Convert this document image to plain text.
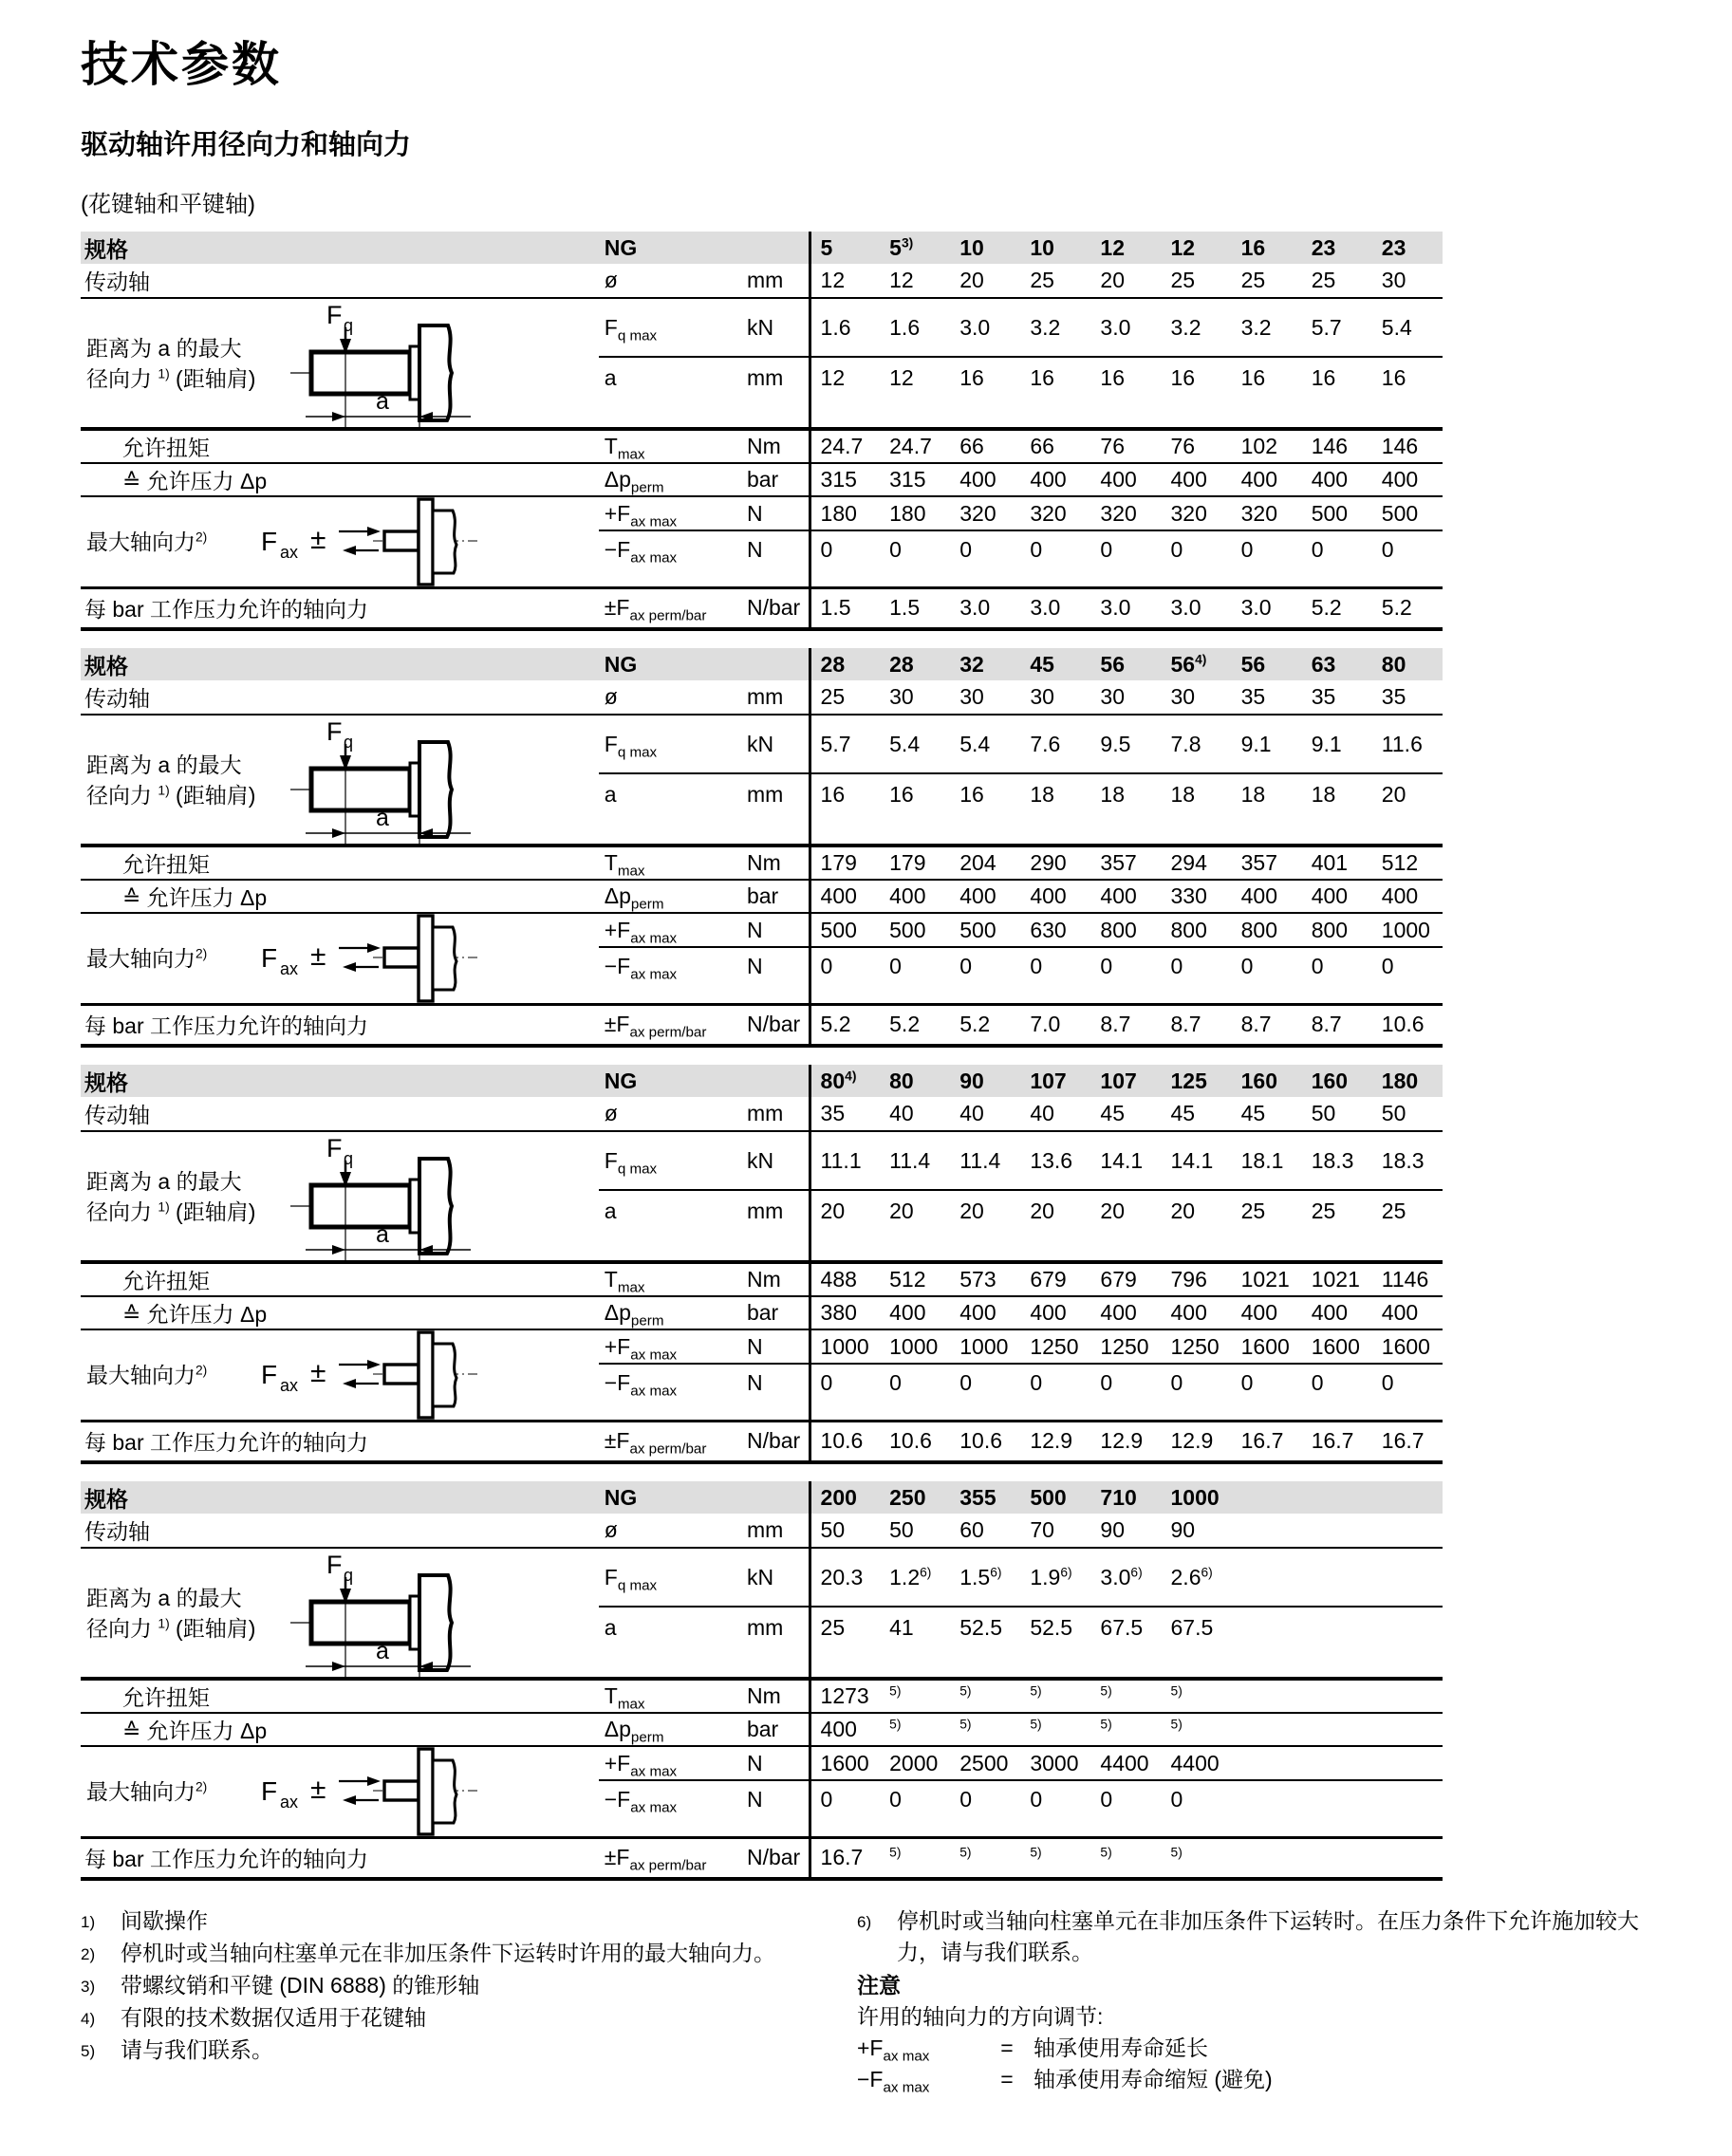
技术参数
驱动轴许用径向力和轴向力
(花键轴和平键轴)
规格	NG		5	5$^{3)}$	10	10	12	12	16	23	23
传动轴	ø	mm	12	12	20	25	20	25	25	25	30

距离为 a 的最大
径向力 $^{1)}$ (距轴肩)
F q
a	$F_{q max}$	kN	1.6	1.6	3.0	3.2	3.0	3.2	3.2	5.7	5.4
	a	mm	12	12	16	16	16	16	16	16	16
允许扭矩	$T_{max}$	Nm	24.7	24.7	66	66	76	76	102	146	146
≙ 允许压力 Δp	$\Delta p_{perm}$	bar	315	315	400	400	400	400	400	400	400

最大轴向力$^{2)}$ F ax ±	$+F_{ax max}$	N	180	180	320	320	320	320	320	500	500
	$-F_{ax max}$	N	0	0	0	0	0	0	0	0	0
每 bar 工作压力允许的轴向力	$\pm F_{ax perm/bar}$	N/bar	1.5	1.5	3.0	3.0	3.0	3.0	3.0	5.2	5.2
规格	NG		28	28	32	45	56	56$^{4)}$	56	63	80
传动轴	ø	mm	25	30	30	30	30	30	35	35	35

距离为 a 的最大
径向力 $^{1)}$ (距轴肩)
F q
a	$F_{q max}$	kN	5.7	5.4	5.4	7.6	9.5	7.8	9.1	9.1	11.6
	a	mm	16	16	16	18	18	18	18	18	20
允许扭矩	$T_{max}$	Nm	179	179	204	290	357	294	357	401	512
≙ 允许压力 Δp	$\Delta p_{perm}$	bar	400	400	400	400	400	330	400	400	400

最大轴向力$^{2)}$ F ax ±	$+F_{ax max}$	N	500	500	500	630	800	800	800	800	1000
	$-F_{ax max}$	N	0	0	0	0	0	0	0	0	0
每 bar 工作压力允许的轴向力	$\pm F_{ax perm/bar}$	N/bar	5.2	5.2	5.2	7.0	8.7	8.7	8.7	8.7	10.6
规格	NG		80$^{4)}$	80	90	107	107	125	160	160	180
传动轴	ø	mm	35	40	40	40	45	45	45	50	50

距离为 a 的最大
径向力 $^{1)}$ (距轴肩)
F q
a	$F_{q max}$	kN	11.1	11.4	11.4	13.6	14.1	14.1	18.1	18.3	18.3
	a	mm	20	20	20	20	20	20	25	25	25
允许扭矩	$T_{max}$	Nm	488	512	573	679	679	796	1021	1021	1146
≙ 允许压力 Δp	$\Delta p_{perm}$	bar	380	400	400	400	400	400	400	400	400

最大轴向力$^{2)}$ F ax ±	$+F_{ax max}$	N	1000	1000	1000	1250	1250	1250	1600	1600	1600
	$-F_{ax max}$	N	0	0	0	0	0	0	0	0	0
每 bar 工作压力允许的轴向力	$\pm F_{ax perm/bar}$	N/bar	10.6	10.6	10.6	12.9	12.9	12.9	16.7	16.7	16.7
规格	NG		200	250	355	500	710	1000			
传动轴	ø	mm	50	50	60	70	90	90			

距离为 a 的最大
径向力 $^{1)}$ (距轴肩)
F q
a	$F_{q max}$	kN	20.3	1.2$^{6)}$	1.5$^{6)}$	1.9$^{6)}$	3.0$^{6)}$	2.6$^{6)}$			
	a	mm	25	41	52.5	52.5	67.5	67.5			
允许扭矩	$T_{max}$	Nm	1273	$^{5)}$	$^{5)}$	$^{5)}$	$^{5)}$	$^{5)}$			
≙ 允许压力 Δp	$\Delta p_{perm}$	bar	400	$^{5)}$	$^{5)}$	$^{5)}$	$^{5)}$	$^{5)}$			

最大轴向力$^{2)}$ F ax ±	$+F_{ax max}$	N	1600	2000	2500	3000	4400	4400			
	$-F_{ax max}$	N	0	0	0	0	0	0			
每 bar 工作压力允许的轴向力	$\pm F_{ax perm/bar}$	N/bar	16.7	$^{5)}$	$^{5)}$	$^{5)}$	$^{5)}$	$^{5)}$			
1)	间歇操作
2)	停机时或当轴向柱塞单元在非加压条件下运转时许用的最大轴向力。
3)	带螺纹销和平键 (DIN 6888) 的锥形轴
4)	有限的技术数据仅适用于花键轴
5)	请与我们联系。
6)	停机时或当轴向柱塞单元在非加压条件下运转时。在压力条件下允许施加较大力，请与我们联系。
注意
许用的轴向力的方向调节:
$+F_{ax max}$	= 轴承使用寿命延长
$-F_{ax max}$	= 轴承使用寿命缩短 (避免)
